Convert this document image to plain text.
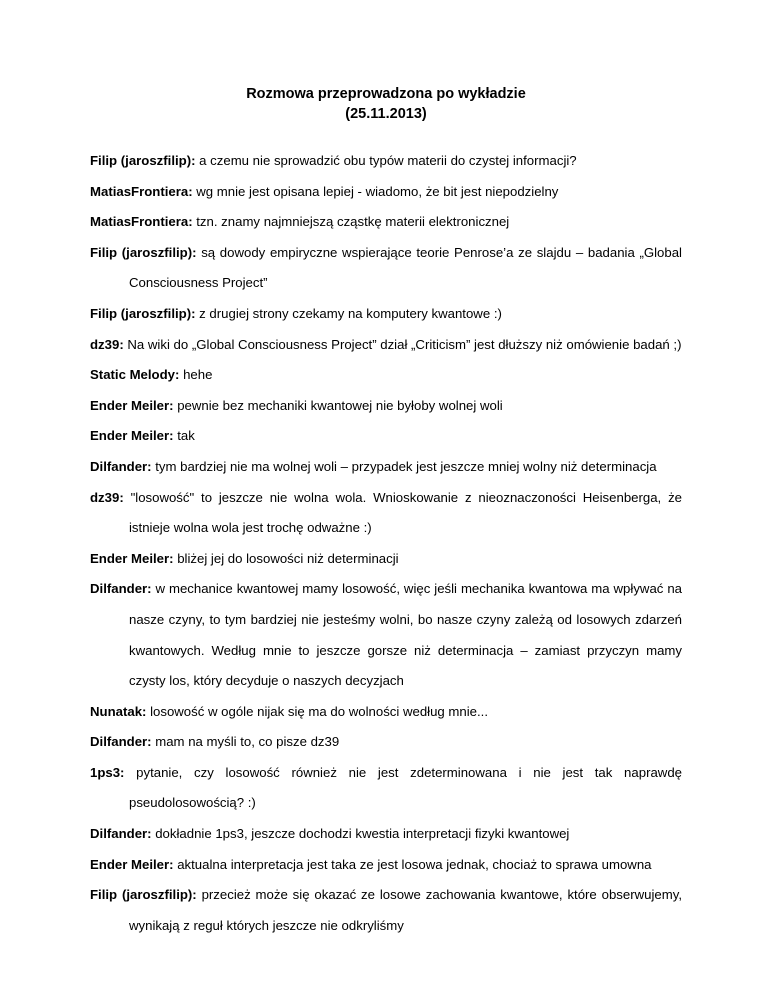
Rozmowa przeprowadzona po wykładzie
(25.11.2013)
Filip (jaroszfilip): a czemu nie sprowadzić obu typów materii do czystej informacji?
MatiasFrontiera: wg mnie jest opisana lepiej - wiadomo, że bit jest niepodzielny
MatiasFrontiera: tzn. znamy najmniejszą cząstkę materii elektronicznej
Filip (jaroszfilip): są dowody empiryczne wspierające teorie Penrose’a ze slajdu – badania „Global Consciousness Project”
Filip (jaroszfilip): z drugiej strony czekamy na komputery kwantowe :)
dz39: Na wiki do „Global Consciousness Project” dział „Criticism” jest dłuższy niż omówienie badań ;)
Static Melody: hehe
Ender Meiler: pewnie bez mechaniki kwantowej nie byłoby wolnej woli
Ender Meiler: tak
Dilfander: tym bardziej nie ma wolnej woli – przypadek jest jeszcze mniej wolny niż determinacja
dz39: "losowość" to jeszcze nie wolna wola. Wnioskowanie z nieoznaczoności Heisenberga, że istnieje wolna wola jest trochę odważne :)
Ender Meiler: bliżej jej do losowości niż determinacji
Dilfander: w mechanice kwantowej mamy losowość, więc jeśli mechanika kwantowa ma wpływać na nasze czyny, to tym bardziej nie jesteśmy wolni, bo nasze czyny zależą od losowych zdarzeń kwantowych. Według mnie to jeszcze gorsze niż determinacja – zamiast przyczyn mamy czysty los, który decyduje o naszych decyzjach
Nunatak: losowość w ogóle nijak się ma do wolności według mnie...
Dilfander: mam na myśli to, co pisze dz39
1ps3: pytanie, czy losowość również nie jest zdeterminowana i nie jest tak naprawdę pseudolosowością? :)
Dilfander: dokładnie 1ps3, jeszcze dochodzi kwestia interpretacji fizyki kwantowej
Ender Meiler: aktualna interpretacja jest taka ze jest losowa jednak, chociaż to sprawa umowna
Filip (jaroszfilip): przecież może się okazać ze losowe zachowania kwantowe, które obserwujemy, wynikają z reguł których jeszcze nie odkryliśmy
